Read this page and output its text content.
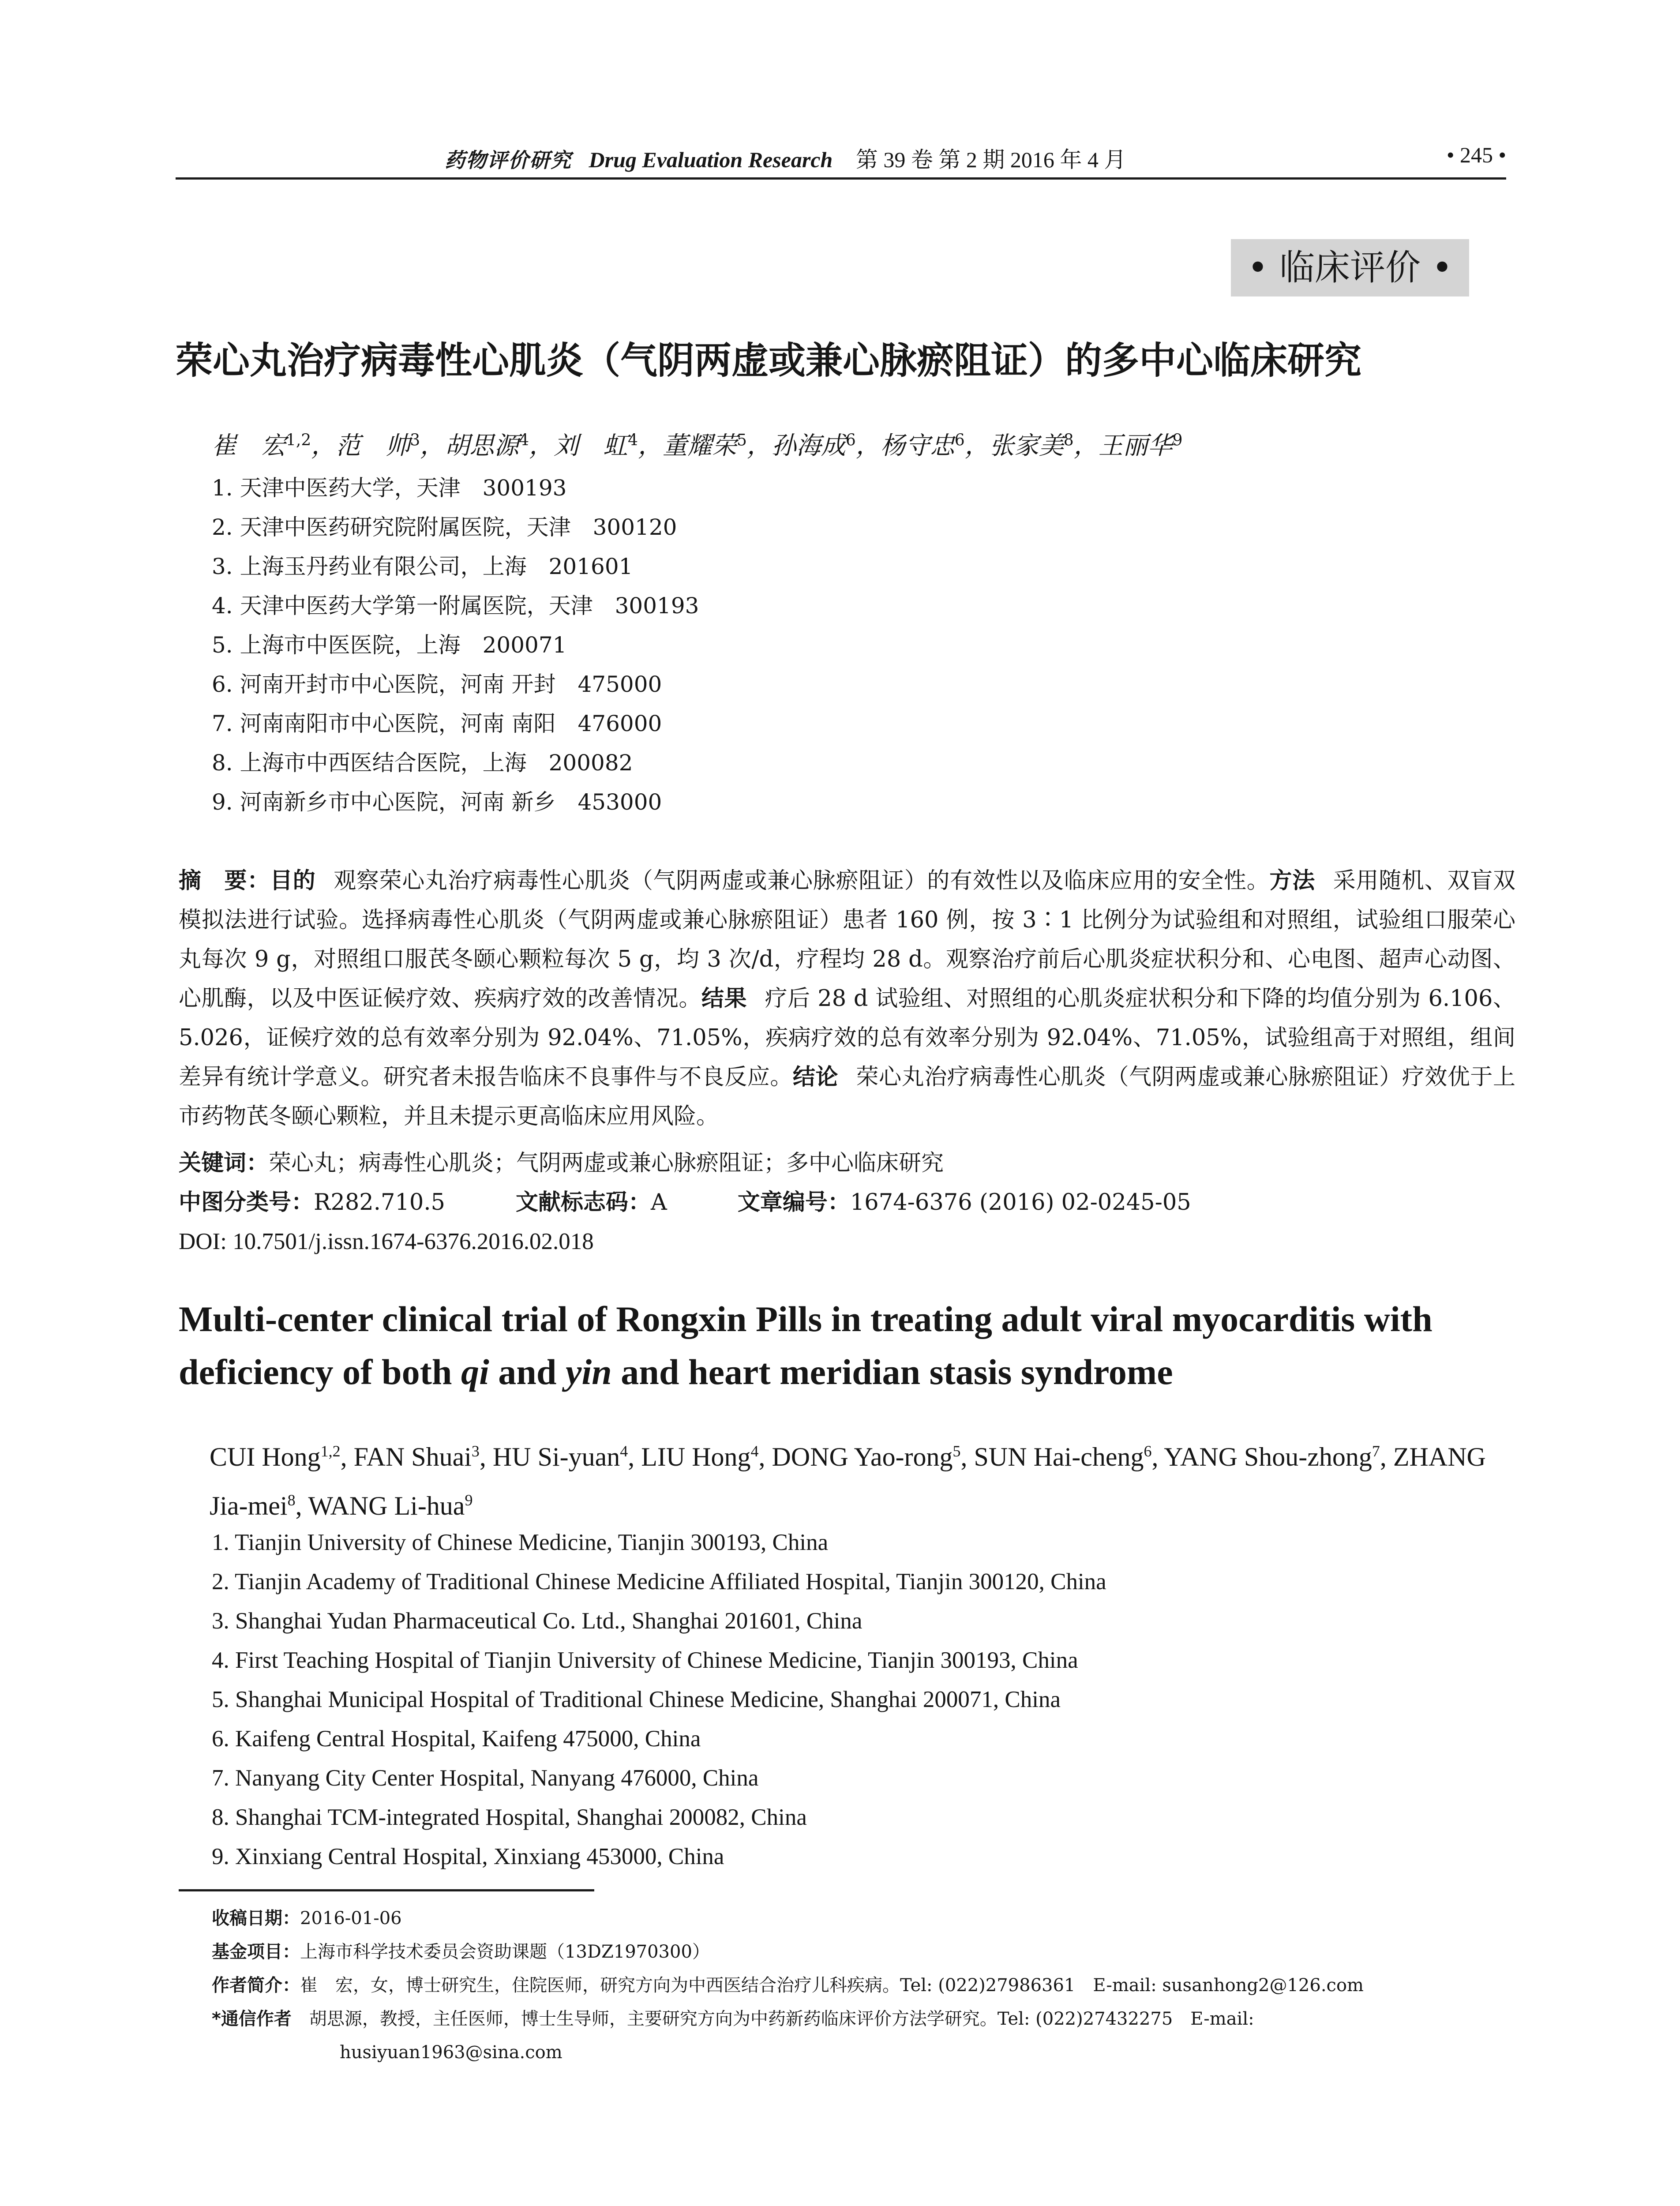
药物评价研究 Drug Evaluation Research 第 39 卷 第 2 期 2016 年 4 月	• 245 •
• 临床评价 •
荣心丸治疗病毒性心肌炎（气阴两虚或兼心脉瘀阻证）的多中心临床研究
崔　宏$^{1,2}$，范　帅$^3$，胡思源$^4$，刘　虹$^4$，董耀荣$^5$，孙海成$^6$，杨守忠$^6$，张家美$^8$，王丽华$^9$
1. 天津中医药大学，天津　300193
2. 天津中医药研究院附属医院，天津　300120
3. 上海玉丹药业有限公司，上海　201601
4. 天津中医药大学第一附属医院，天津　300193
5. 上海市中医医院，上海　200071
6. 河南开封市中心医院，河南 开封　475000
7. 河南南阳市中心医院，河南 南阳　476000
8. 上海市中西医结合医院，上海　200082
9. 河南新乡市中心医院，河南 新乡　453000
摘　要：目的 观察荣心丸治疗病毒性心肌炎（气阴两虚或兼心脉瘀阻证）的有效性以及临床应用的安全性。方法 采用随机、双盲双模拟法进行试验。选择病毒性心肌炎（气阴两虚或兼心脉瘀阻证）患者 160 例，按 3∶1 比例分为试验组和对照组，试验组口服荣心丸每次 9 g，对照组口服芪冬颐心颗粒每次 5 g，均 3 次/d，疗程均 28 d。观察治疗前后心肌炎症状积分和、心电图、超声心动图、心肌酶，以及中医证候疗效、疾病疗效的改善情况。结果 疗后 28 d 试验组、对照组的心肌炎症状积分和下降的均值分别为 6.106、5.026，证候疗效的总有效率分别为 92.04%、71.05%，疾病疗效的总有效率分别为 92.04%、71.05%，试验组高于对照组，组间差异有统计学意义。研究者未报告临床不良事件与不良反应。结论 荣心丸治疗病毒性心肌炎（气阴两虚或兼心脉瘀阻证）疗效优于上市药物芪冬颐心颗粒，并且未提示更高临床应用风险。
关键词：荣心丸；病毒性心肌炎；气阴两虚或兼心脉瘀阻证；多中心临床研究
中图分类号：R282.710.5	文献标志码：A	文章编号：1674-6376 (2016) 02-0245-05
DOI: 10.7501/j.issn.1674-6376.2016.02.018
Multi-center clinical trial of Rongxin Pills in treating adult viral myocarditis with deficiency of both qi and yin and heart meridian stasis syndrome
CUI Hong$^{1,2}$, FAN Shuai$^3$, HU Si-yuan$^4$, LIU Hong$^4$, DONG Yao-rong$^5$, SUN Hai-cheng$^6$, YANG Shou-zhong$^7$, ZHANG Jia-mei$^8$, WANG Li-hua$^9$
1. Tianjin University of Chinese Medicine, Tianjin 300193, China
2. Tianjin Academy of Traditional Chinese Medicine Affiliated Hospital, Tianjin 300120, China
3. Shanghai Yudan Pharmaceutical Co. Ltd., Shanghai 201601, China
4. First Teaching Hospital of Tianjin University of Chinese Medicine, Tianjin 300193, China
5. Shanghai Municipal Hospital of Traditional Chinese Medicine, Shanghai 200071, China
6. Kaifeng Central Hospital, Kaifeng 475000, China
7. Nanyang City Center Hospital, Nanyang 476000, China
8. Shanghai TCM-integrated Hospital, Shanghai 200082, China
9. Xinxiang Central Hospital, Xinxiang 453000, China
收稿日期：2016-01-06
基金项目：上海市科学技术委员会资助课题（13DZ1970300）
作者简介：崔　宏，女，博士研究生，住院医师，研究方向为中西医结合治疗儿科疾病。Tel: (022)27986361　E-mail: susanhong2@126.com
*通信作者　 胡思源，教授，主任医师，博士生导师，主要研究方向为中药新药临床评价方法学研究。Tel: (022)27432275　E-mail:
husiyuan1963@sina.com
